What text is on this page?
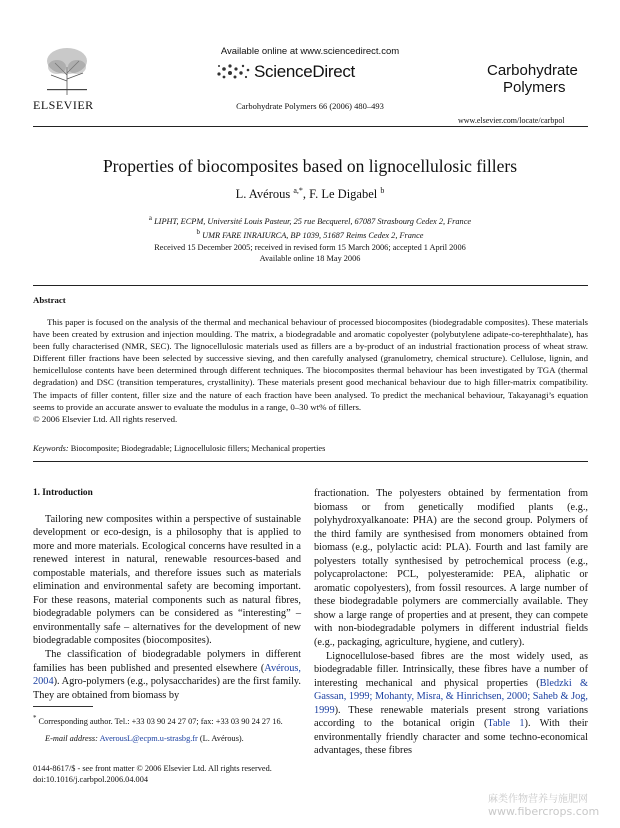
Available online at www.sciencedirect.com
ScienceDirect
ELSEVIER	Carbohydrate Polymers 66 (2006) 480–493
Carbohydrate
Polymers
www.elsevier.com/locate/carbpol
Properties of biocomposites based on lignocellulosic fillers
L. Avérous $^{a,*}$, F. Le Digabel $^b$
$^a$ LIPHT, ECPM, Université Louis Pasteur, 25 rue Becquerel, 67087 Strasbourg Cedex 2, France
$^b$ UMR FARE INRAIURCA, BP 1039, 51687 Reims Cedex 2, France
Received 15 December 2005; received in revised form 15 March 2006; accepted 1 April 2006
Available online 18 May 2006
Abstract
This paper is focused on the analysis of the thermal and mechanical behaviour of processed biocomposites (biodegradable composites). These materials have been created by extrusion and injection moulding. The matrix, a biodegradable and aromatic copolyester (polybutylene adipate-co-terephthalate), has been fully characterised (NMR, SEC). The lignocellulosic materials used as fillers are a by-product of an industrial fractionation process of wheat straw. Different filler fractions have been selected by successive sieving, and then carefully analysed (granulometry, chemical structure). Cellulose, lignin, and hemicellulose contents have been determined through different techniques. The biocomposites thermal behaviour has been investigated by TGA (thermal degradation) and DSC (transition temperatures, crystallinity). These materials present good mechanical behaviour due to high filler-matrix compatibility. The impacts of filler content, filler size and the nature of each fraction have been analysed. To predict the mechanical behaviour, Takayanagi’s equation seems to provide an accurate answer to evaluate the modulus in a range, 0–30 wt% of fillers.
© 2006 Elsevier Ltd. All rights reserved.
Keywords: Biocomposite; Biodegradable; Lignocellulosic fillers; Mechanical properties

1. Introduction

Tailoring new composites within a perspective of sustainable development or eco-design, is a philosophy that is applied to more and more materials. Ecological concerns have resulted in a renewed interest in natural, renewable resources-based and compostable materials, and therefore issues such as materials elimination and environmental safety are becoming important. For these reasons, material components such as natural fibres, biodegradable polymers can be considered as “interesting” – environmentally safe – alternatives for the development of new biodegradable composites (biocomposites).

The classification of biodegradable polymers in different families has been published and presented elsewhere (Avérous, 2004). Agro-polymers (e.g., polysaccharides) are the first family. They are obtained from biomass by

* Corresponding author. Tel.: +33 03 90 24 27 07; fax: +33 03 90 24 27 16.
E-mail address: AverousL@ecpm.u-strasbg.fr (L. Avérous).

fractionation. The polyesters obtained by fermentation from biomass or from genetically modified plants (e.g., polyhydroxyalkanoate: PHA) are the second group. Polymers of the third family are synthesised from monomers obtained from biomass (e.g., polylactic acid: PLA). Fourth and last family are polyesters totally synthesised by petrochemical process (e.g., polycaprolactone: PCL, polyesteramide: PEA, aliphatic or aromatic copolyesters), from fossil resources. A large number of these biodegradable polymers are commercially available. They show a large range of properties and at present, they can compete with non-biodegradable polymers in different industrial fields (e.g., packaging, agriculture, hygiene, and cutlery).

Lignocellulose-based fibres are the most widely used, as biodegradable filler. Intrinsically, these fibres have a number of interesting mechanical and physical properties (Bledzki & Gassan, 1999; Mohanty, Misra, & Hinrichsen, 2000; Saheb & Jog, 1999). These renewable materials present strong variations according to the botanical origin (Table 1). With their environmentally friendly character and some techno-economical advantages, these fibres

0144-8617/$ - see front matter © 2006 Elsevier Ltd. All rights reserved.
doi:10.1016/j.carbpol.2006.04.004
麻类作物营养与施肥网
www.fibercrops.com
